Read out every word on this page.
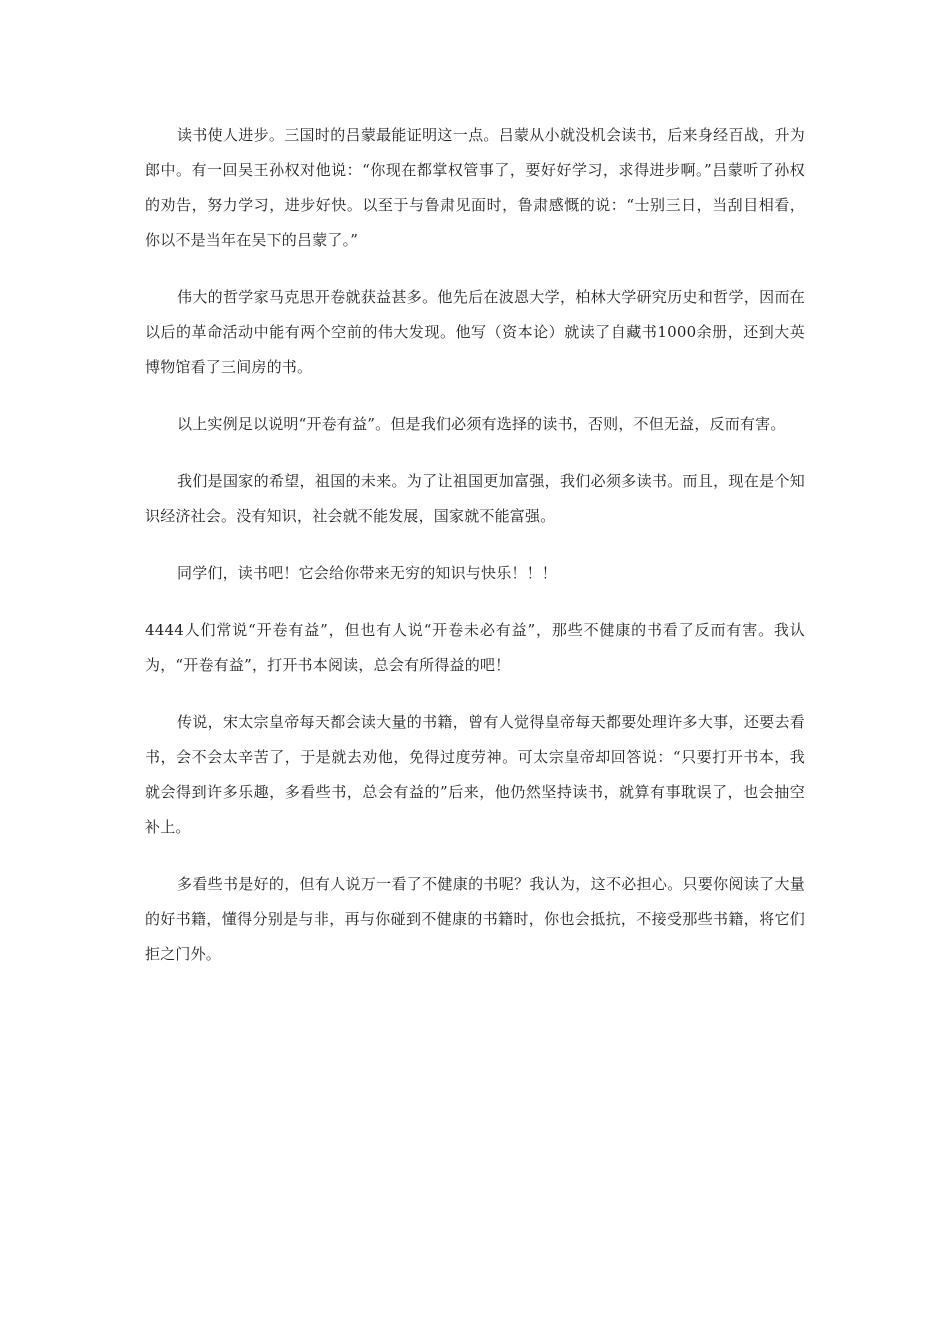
读书使人进步。三国时的吕蒙最能证明这一点。吕蒙从小就没机会读书，后来身经百战，升为郎中。有一回吴王孙权对他说：“你现在都掌权管事了，要好好学习，求得进步啊。”吕蒙听了孙权的劝告，努力学习，进步好快。以至于与鲁肃见面时，鲁肃感慨的说：“士别三日，当刮目相看，你以不是当年在吴下的吕蒙了。”

伟大的哲学家马克思开卷就获益甚多。他先后在波恩大学，柏林大学研究历史和哲学，因而在以后的革命活动中能有两个空前的伟大发现。他写（资本论）就读了自藏书1000余册，还到大英博物馆看了三间房的书。

以上实例足以说明“开卷有益”。但是我们必须有选择的读书，否则，不但无益，反而有害。

我们是国家的希望，祖国的未来。为了让祖国更加富强，我们必须多读书。而且，现在是个知识经济社会。没有知识，社会就不能发展，国家就不能富强。

同学们，读书吧！它会给你带来无穷的知识与快乐！！！

4444人们常说“开卷有益”，但也有人说“开卷未必有益”，那些不健康的书看了反而有害。我认为，“开卷有益”，打开书本阅读，总会有所得益的吧！

传说，宋太宗皇帝每天都会读大量的书籍，曾有人觉得皇帝每天都要处理许多大事，还要去看书，会不会太辛苦了，于是就去劝他，免得过度劳神。可太宗皇帝却回答说：“只要打开书本，我就会得到许多乐趣，多看些书，总会有益的”后来，他仍然坚持读书，就算有事耽误了，也会抽空补上。

多看些书是好的，但有人说万一看了不健康的书呢？我认为，这不必担心。只要你阅读了大量的好书籍，懂得分别是与非，再与你碰到不健康的书籍时，你也会抵抗，不接受那些书籍，将它们拒之门外。
